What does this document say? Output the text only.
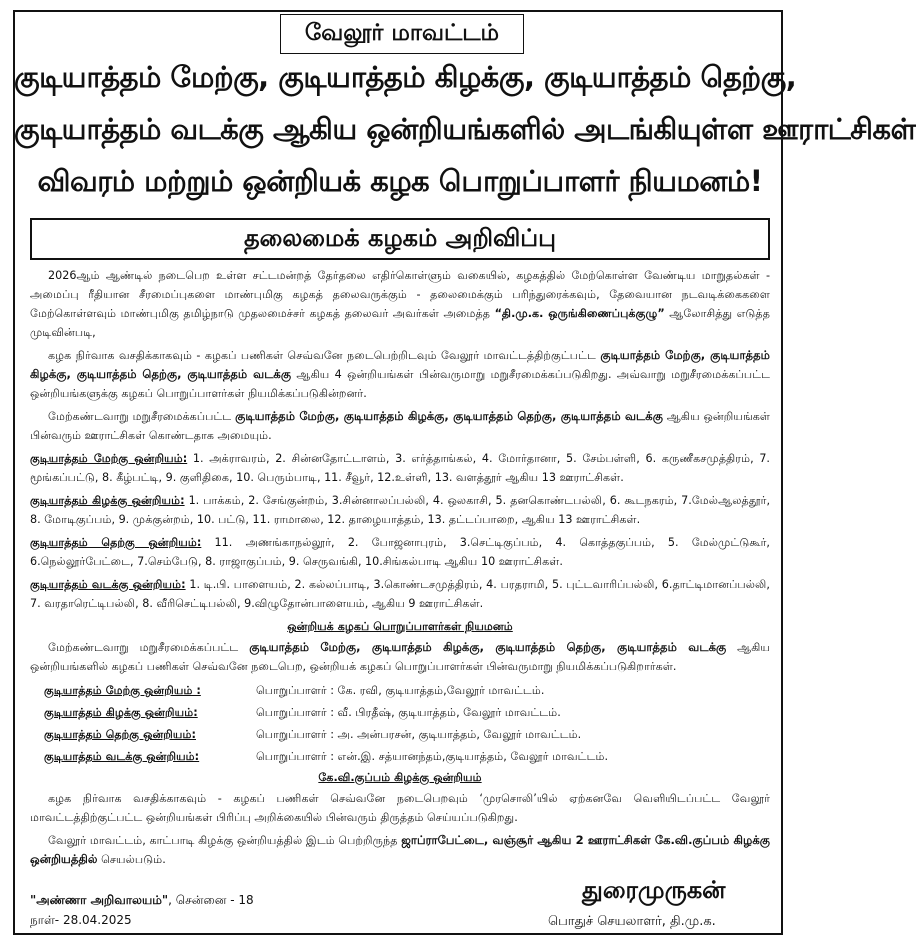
வேலூர் மாவட்டம்
குடியாத்தம் மேற்கு, குடியாத்தம் கிழக்கு, குடியாத்தம் தெற்கு,
குடியாத்தம் வடக்கு ஆகிய ஒன்றியங்களில் அடங்கியுள்ள ஊராட்சிகள்
விவரம் மற்றும் ஒன்றியக் கழக பொறுப்பாளர் நியமனம்!
தலைமைக் கழகம் அறிவிப்பு

2026ஆம் ஆண்டில் நடைபெற உள்ள சட்டமன்றத் தேர்தலை எதிர்கொள்ளும் வகையில், கழகத்தில் மேற்கொள்ள வேண்டிய மாறுதல்கள் - அமைப்பு ரீதியான சீரமைப்புகளை மாண்புமிகு கழகத் தலைவருக்கும் - தலைமைக்கும் பரிந்துரைக்கவும், தேவையான நடவடிக்கைகளை மேற்கொள்ளவும் மாண்புமிகு தமிழ்நாடு முதலமைச்சர் கழகத் தலைவர் அவர்கள் அமைத்த “தி.மு.க. ஒருங்கிணைப்புக்குழு” ஆலோசித்து எடுத்த முடிவின்படி,

கழக நிர்வாக வசதிக்காகவும் - கழகப் பணிகள் செவ்வனே நடைபெற்றிடவும் வேலூர் மாவட்டத்திற்குட்பட்ட குடியாத்தம் மேற்கு, குடியாத்தம் கிழக்கு, குடியாத்தம் தெற்கு, குடியாத்தம் வடக்கு ஆகிய 4 ஒன்றியங்கள் பின்வருமாறு மறுசீரமைக்கப்படுகிறது. அவ்வாறு மறுசீரமைக்கப்பட்ட ஒன்றியங்களுக்கு கழகப் பொறுப்பாளர்கள் நியமிக்கப்படுகின்றனர்.

மேற்கண்டவாறு மறுசீரமைக்கப்பட்ட குடியாத்தம் மேற்கு, குடியாத்தம் கிழக்கு, குடியாத்தம் தெற்கு, குடியாத்தம் வடக்கு ஆகிய ஒன்றியங்கள் பின்வரும் ஊராட்சிகள் கொண்டதாக அமையும்.

குடியாத்தம் மேற்கு ஒன்றியம்: 1. அக்ராவரம், 2. சின்னதோட்டாளம், 3. எர்த்தாங்கல், 4. மோர்தானா, 5. சேம்பள்ளி, 6. கருணீகசமுத்திரம், 7. மூங்கப்பட்டு, 8. கீழ்பட்டி, 9. குளிதிகை, 10. பெரும்பாடி, 11. சீவூர், 12.உள்ளி, 13. வளத்தூர் ஆகிய 13 ஊராட்சிகள்.

குடியாத்தம் கிழக்கு ஒன்றியம்: 1. பாக்கம், 2. சேங்குன்றம், 3.சின்னாலப்பல்லி, 4. ஒலகாசி, 5. தனகொண்டபல்லி, 6. கூடநகரம், 7.மேல்ஆலத்தூர், 8. மோடிகுப்பம், 9. முக்குன்றம், 10. பட்டு, 11. ராமாலை, 12. தாழையாத்தம், 13. தட்டப்பாறை, ஆகிய 13 ஊராட்சிகள்.

குடியாத்தம் தெற்கு ஒன்றியம்: 11. அணங்காநல்லூர், 2. போஜனாபுரம், 3.செட்டிகுப்பம், 4. கொத்தகுப்பம், 5. மேல்முட்டுகூர், 6.நெல்லூர்பேட்டை, 7.செம்பேடு, 8. ராஜாகுப்பம், 9. செருவங்கி, 10.சிங்கல்பாடி ஆகிய 10 ஊராட்சிகள்.

குடியாத்தம் வடக்கு ஒன்றியம்: 1. டி.பி. பாளையம், 2. கல்லப்பாடி, 3.கொண்டசமுத்திரம், 4. பரதராமி, 5. புட்டவாரிப்பல்லி, 6.தாட்டிமானப்பல்லி, 7. வரதாரெட்டிபல்லி, 8. வீரிசெட்டிபல்லி, 9.விழுதோன்பாளையம், ஆகிய 9 ஊராட்சிகள்.

ஒன்றியக் கழகப் பொறுப்பாளர்கள் நியமனம்

மேற்கண்டவாறு மறுசீரமைக்கப்பட்ட குடியாத்தம் மேற்கு, குடியாத்தம் கிழக்கு, குடியாத்தம் தெற்கு, குடியாத்தம் வடக்கு ஆகிய ஒன்றியங்களில் கழகப் பணிகள் செவ்வனே நடைபெற, ஒன்றியக் கழகப் பொறுப்பாளர்கள் பின்வருமாறு நியமிக்கப்படுகிறார்கள்.

குடியாத்தம் மேற்கு ஒன்றியம் :	பொறுப்பாளர் : கே. ரவி, குடியாத்தம்,வேலூர் மாவட்டம்.
குடியாத்தம் கிழக்கு ஒன்றியம்:	பொறுப்பாளர் : வீ. பிரதீஷ், குடியாத்தம், வேலூர் மாவட்டம்.
குடியாத்தம் தெற்கு ஒன்றியம்:	பொறுப்பாளர் : அ. அன்பரசன், குடியாத்தம், வேலூர் மாவட்டம்.
குடியாத்தம் வடக்கு ஒன்றியம்:	பொறுப்பாளர் : என்.இ. சத்யானந்தம்,குடியாத்தம், வேலூர் மாவட்டம்.
கே.வி.குப்பம் கிழக்கு ஒன்றியம்

கழக நிர்வாக வசதிக்காகவும் - கழகப் பணிகள் செவ்வனே நடைபெறவும் ‘முரசொலி’யில் ஏற்கனவே வெளியிடப்பட்ட வேலூர் மாவட்டத்திற்குட்பட்ட ஒன்றியங்கள் பிரிப்பு அறிக்கையில் பின்வரும் திருத்தம் செய்யப்படுகிறது.

வேலூர் மாவட்டம், காட்பாடி கிழக்கு ஒன்றியத்தில் இடம் பெற்றிருந்த ஜாப்ராபேட்டை, வஞ்சூர் ஆகிய 2 ஊராட்சிகள் கே.வி.குப்பம் கிழக்கு ஒன்றியத்தில் செயல்படும்.

"அண்ணா அறிவாலயம்", சென்னை - 18
நாள்- 28.04.2025
துரைமுருகன்
பொதுச் செயலாளர், தி.மு.க.
